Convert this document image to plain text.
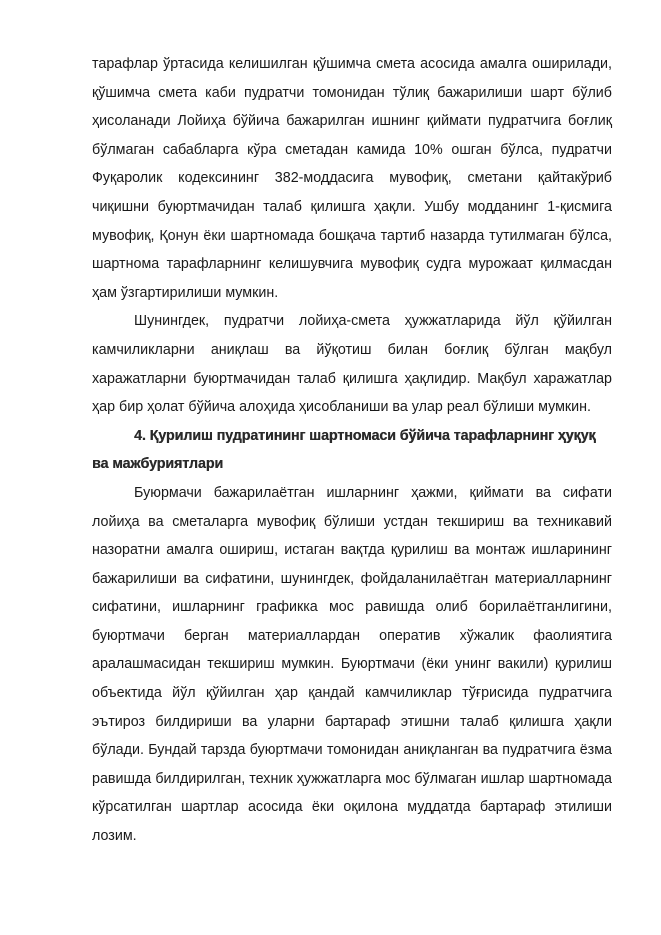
тарафлар ўртасида келишилган қўшимча смета асосида амалга оширилади, қўшимча смета каби пудратчи томонидан тўлиқ бажарилиши шарт бўлиб ҳисоланади Лойиҳа бўйича бажарилган ишнинг қиймати пудратчига боғлиқ бўлмаган сабабларга кўра сметадан камида 10% ошган бўлса, пудратчи Фуқаролик кодексининг 382-моддасига мувофиқ, сметани қайтакўриб чиқишни буюртмачидан талаб қилишга ҳақли. Ушбу модданинг 1-қисмига мувофиқ, Қонун ёки шартномада бошқача тартиб назарда тутилмаган бўлса, шартнома тарафларнинг келишувчига мувофиқ судга мурожаат қилмасдан ҳам ўзгартирилиши мумкин.

Шунингдек, пудратчи лойиҳа-смета ҳужжатларида йўл қўйилган камчиликларни аниқлаш ва йўқотиш билан боғлиқ бўлган мақбул харажатларни буюртмачидан талаб қилишга ҳақлидир. Мақбул харажатлар ҳар бир ҳолат бўйича алоҳида ҳисобланиши ва улар реал бўлиши мумкин.

4. Қурилиш пудратининг шартномаси бўйича тарафларнинг ҳуқуқ ва мажбуриятлари

Буюрмачи бажарилаётган ишларнинг ҳажми, қиймати ва сифати лойиҳа ва сметаларга мувофиқ бўлиши устдан текшириш ва техникавий назоратни амалга ошириш, истаган вақтда қурилиш ва монтаж ишларининг бажарилиши ва сифатини, шунингдек, фойдаланилаётган материалларнинг сифатини, ишларнинг графикка мос равишда олиб борилаётганлигини, буюртмачи берган материаллардан оператив хўжалик фаолиятига аралашмасидан текшириш мумкин. Буюртмачи (ёки унинг вакили) қурилиш объектида йўл қўйилган ҳар қандай камчиликлар тўғрисида пудратчига эътироз билдириши ва уларни бартараф этишни талаб қилишга ҳақли бўлади. Бундай тарзда буюртмачи томонидан аниқланган ва пудратчига ёзма равишда билдирилган, техник ҳужжатларга мос бўлмаган ишлар шартномада кўрсатилган шартлар асосида ёки оқилона муддатда бартараф этилиши лозим.
